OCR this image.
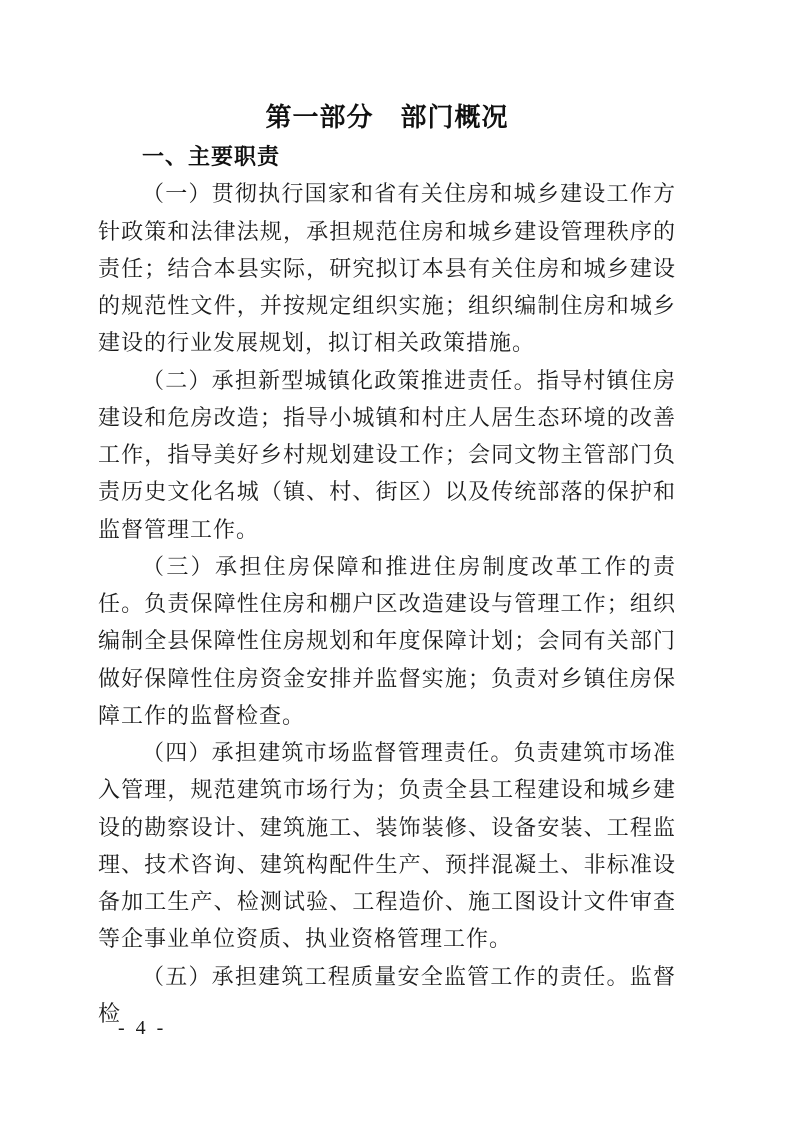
第一部分　部门概况
一、主要职责

（一）贯彻执行国家和省有关住房和城乡建设工作方针政策和法律法规，承担规范住房和城乡建设管理秩序的责任；结合本县实际，研究拟订本县有关住房和城乡建设的规范性文件，并按规定组织实施；组织编制住房和城乡建设的行业发展规划，拟订相关政策措施。

（二）承担新型城镇化政策推进责任。指导村镇住房建设和危房改造；指导小城镇和村庄人居生态环境的改善工作，指导美好乡村规划建设工作；会同文物主管部门负责历史文化名城（镇、村、街区）以及传统部落的保护和监督管理工作。

（三）承担住房保障和推进住房制度改革工作的责任。负责保障性住房和棚户区改造建设与管理工作；组织编制全县保障性住房规划和年度保障计划；会同有关部门做好保障性住房资金安排并监督实施；负责对乡镇住房保障工作的监督检查。

（四）承担建筑市场监督管理责任。负责建筑市场准入管理，规范建筑市场行为；负责全县工程建设和城乡建设的勘察设计、建筑施工、装饰装修、设备安装、工程监理、技术咨询、建筑构配件生产、预拌混凝土、非标准设备加工生产、检测试验、工程造价、施工图设计文件审查等企事业单位资质、执业资格管理工作。

（五）承担建筑工程质量安全监管工作的责任。监督检

- 4 -
